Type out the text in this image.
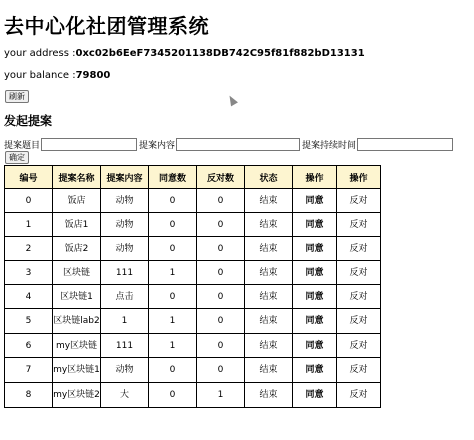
去中心化社团管理系统
your address :0xc02b6EeF7345201138DB742C95f81f882bD13131
your balance :79800
刷新
发起提案
提案题目	提案内容	提案持续时间
确定
编号	提案名称	提案内容	同意数	反对数	状态	操作	操作
0	饭店	动物	0	0	结束	同意	反对
1	饭店1	动物	0	0	结束	同意	反对
2	饭店2	动物	0	0	结束	同意	反对
3	区块链	111	1	0	结束	同意	反对
4	区块链1	点击	0	0	结束	同意	反对
5	区块链lab2	1	1	0	结束	同意	反对
6	my区块链	111	1	0	结束	同意	反对
7	my区块链1	动物	0	0	结束	同意	反对
8	my区块链2	大	0	1	结束	同意	反对
